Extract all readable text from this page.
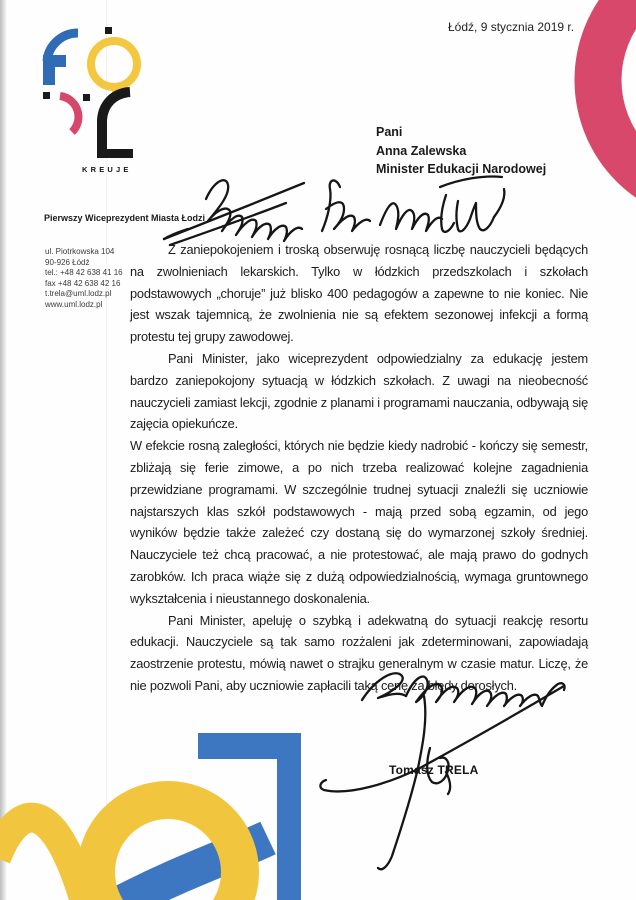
Łódź, 9 stycznia 2019 r.
KREUJE
Pierwszy Wiceprezydent Miasta Łodzi
ul. Piotrkowska 104
90-926 Łódź
tel.: +48 42 638 41 16
fax +48 42 638 42 16
t.trela@uml.lodz.pl
www.uml.lodz.pl
Pani
Anna Zalewska
Minister Edukacji Narodowej

Z zaniepokojeniem i troską obserwuję rosnącą liczbę nauczycieli będących na zwolnieniach lekarskich. Tylko w łódzkich przedszkolach i szkołach podstawowych „choruje” już blisko 400 pedagogów a zapewne to nie koniec. Nie jest wszak tajemnicą, że zwolnienia nie są efektem sezonowej infekcji a formą protestu tej grupy zawodowej.

Pani Minister, jako wiceprezydent odpowiedzialny za edukację jestem bardzo zaniepokojony sytuacją w łódzkich szkołach. Z uwagi na nieobecność nauczycieli zamiast lekcji, zgodnie z planami i programami nauczania, odbywają się zajęcia opiekuńcze.

W efekcie rosną zaległości, których nie będzie kiedy nadrobić - kończy się semestr, zbliżają się ferie zimowe, a po nich trzeba realizować kolejne zagadnienia przewidziane programami. W szczególnie trudnej sytuacji znaleźli się uczniowie najstarszych klas szkół podstawowych - mają przed sobą egzamin, od jego wyników będzie także zależeć czy dostaną się do wymarzonej szkoły średniej. Nauczyciele też chcą pracować, a nie protestować, ale mają prawo do godnych zarobków. Ich praca wiąże się z dużą odpowiedzialnością, wymaga gruntownego wykształcenia i nieustannego doskonalenia.

Pani Minister, apeluję o szybką i adekwatną do sytuacji reakcję resortu edukacji. Nauczyciele są tak samo rozżaleni jak zdeterminowani, zapowiadają zaostrzenie protestu, mówią nawet o strajku generalnym w czasie matur. Liczę, że nie pozwoli Pani, aby uczniowie zapłacili taką cenę za błędy dorosłych.

Tomasz TRELA
